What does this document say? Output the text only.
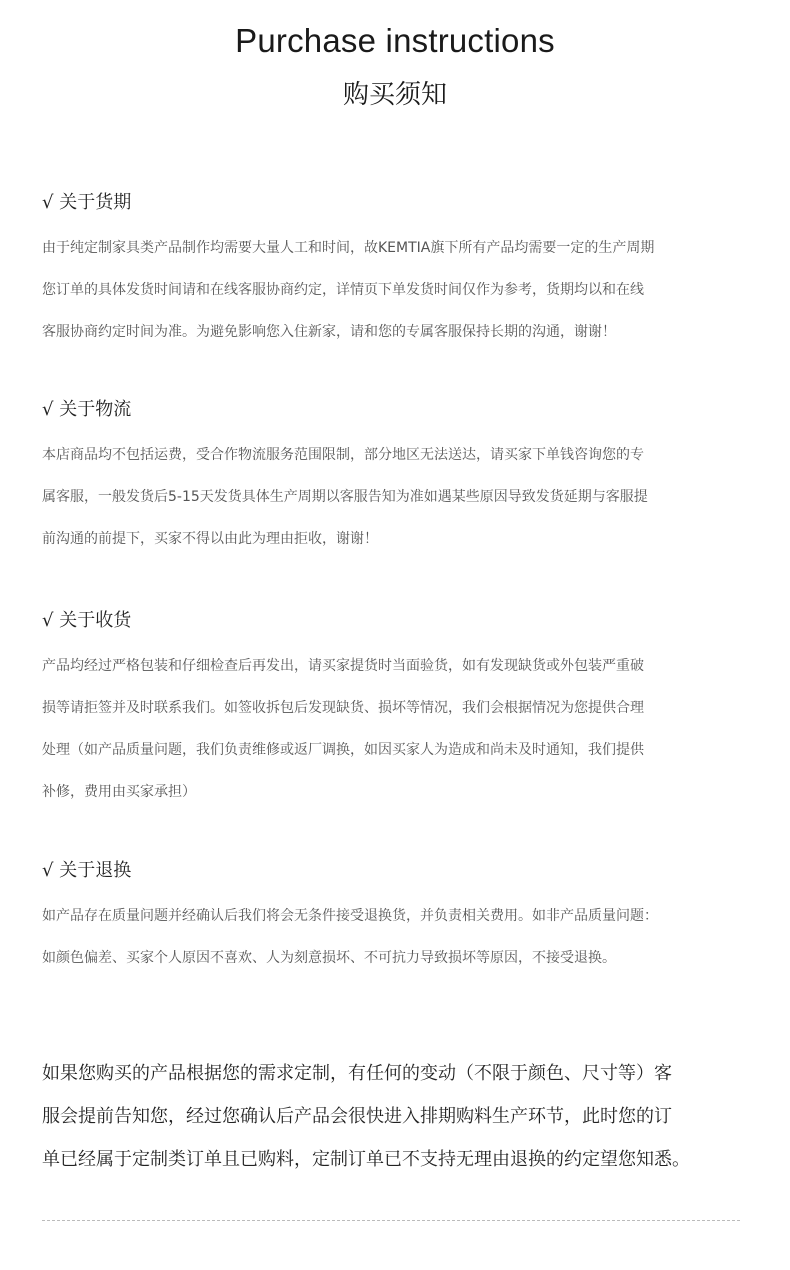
Purchase instructions
购买须知
√ 关于货期
由于纯定制家具类产品制作均需要大量人工和时间，故KEMTIA旗下所有产品均需要一定的生产周期
您订单的具体发货时间请和在线客服协商约定，详情页下单发货时间仅作为参考，货期均以和在线
客服协商约定时间为准。为避免影响您入住新家，请和您的专属客服保持长期的沟通，谢谢！
√ 关于物流
本店商品均不包括运费，受合作物流服务范围限制，部分地区无法送达，请买家下单钱咨询您的专
属客服，一般发货后5-15天发货具体生产周期以客服告知为准如遇某些原因导致发货延期与客服提
前沟通的前提下，买家不得以由此为理由拒收，谢谢！
√ 关于收货
产品均经过严格包装和仔细检查后再发出，请买家提货时当面验货，如有发现缺货或外包装严重破
损等请拒签并及时联系我们。如签收拆包后发现缺货、损坏等情况，我们会根据情况为您提供合理
处理（如产品质量问题，我们负责维修或返厂调换，如因买家人为造成和尚未及时通知，我们提供
补修，费用由买家承担）
√ 关于退换
如产品存在质量问题并经确认后我们将会无条件接受退换货，并负责相关费用。如非产品质量问题：
如颜色偏差、买家个人原因不喜欢、人为刻意损坏、不可抗力导致损坏等原因，不接受退换。
如果您购买的产品根据您的需求定制，有任何的变动（不限于颜色、尺寸等）客
服会提前告知您，经过您确认后产品会很快进入排期购料生产环节，此时您的订
单已经属于定制类订单且已购料，定制订单已不支持无理由退换的约定望您知悉。
